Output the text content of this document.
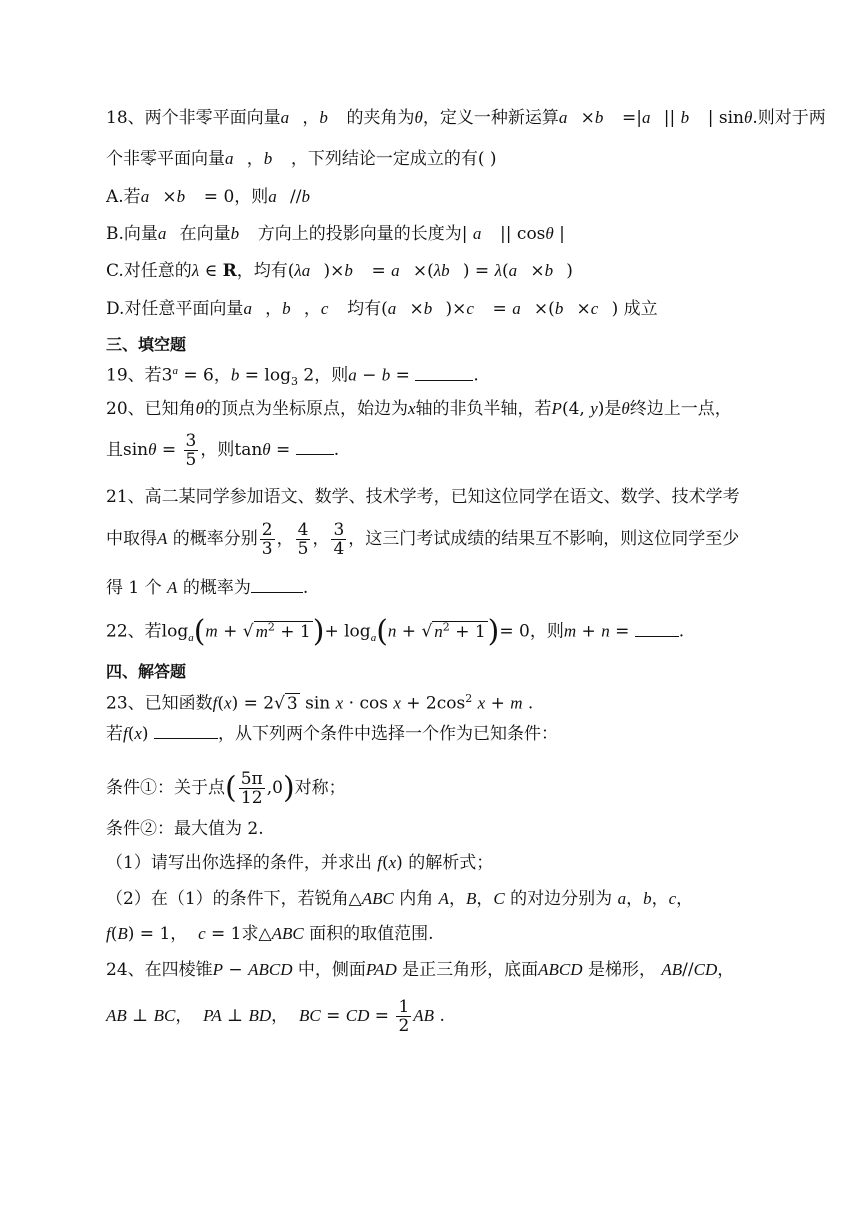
18、两个非零平面向量a⃗，b⃗ 的夹角为θ，定义一种新运算a⃗×b⃗ =|a⃗|| b⃗ | sinθ.则对于两
个非零平面向量a⃗，b⃗ ，下列结论一定成立的有( )
A.若a⃗×b⃗ = 0，则a⃗//b⃗
B.向量a⃗在向量b⃗ 方向上的投影向量的长度为| a⃗ || cosθ |
C.对任意的λ ∈ R，均有(λa⃗)×b⃗ = a⃗×(λb⃗) = λ(a⃗×b⃗)
D.对任意平面向量a⃗，b⃗，c⃗ 均有(a⃗×b⃗)×c⃗ = a⃗×(b⃗×c⃗) 成立
三、填空题
19、若$3^a = 6$，$b = \log_3 2$，则a − b =	.
20、已知角θ的顶点为坐标原点，始边为x轴的非负半轴，若P(4, y)是θ终边上一点，
且$\sin\theta = \frac{3}{5}$ ，则tanθ = .
21、高二某同学参加语文、数学、技术学考，已知这位同学在语文、数学、技术学考
中取得A 的概率分别 $\frac{2}{3}$ ， $\frac{4}{5}$ ， $\frac{3}{4}$ ，这三门考试成绩的结果互不影响，则这位同学至少
得 1 个 A 的概率为	.
22、若$\log_a(m$ + √ $m^2 + 1)+ \log_a(n$ + √ $n^2 + 1)= 0$，则m + n =	.
四、解答题
23、已知函数f(x) = 2√ 3 $\sin x \cdot \cos x + 2\cos^2$ x + m .
若f(x)	，从下列两个条件中选择一个作为已知条件：
条件①：关于点( $\frac{5\pi}{12} ,0$)对称；
条件②：最大值为 2.
（1）请写出你选择的条件，并求出 f(x) 的解析式；
（2）在（1）的条件下，若锐角△ABC 内角 A，B，C 的对边分别为 a，b，c，
f(B) = 1，  c = 1求△ABC 面积的取值范围.
24、在四棱锥P − ABCD 中，侧面PAD 是正三角形，底面ABCD 是梯形， AB//CD，
AB ⊥ BC，  PA ⊥ BD，  BC = CD = $\frac{1}{2}$ AB .
